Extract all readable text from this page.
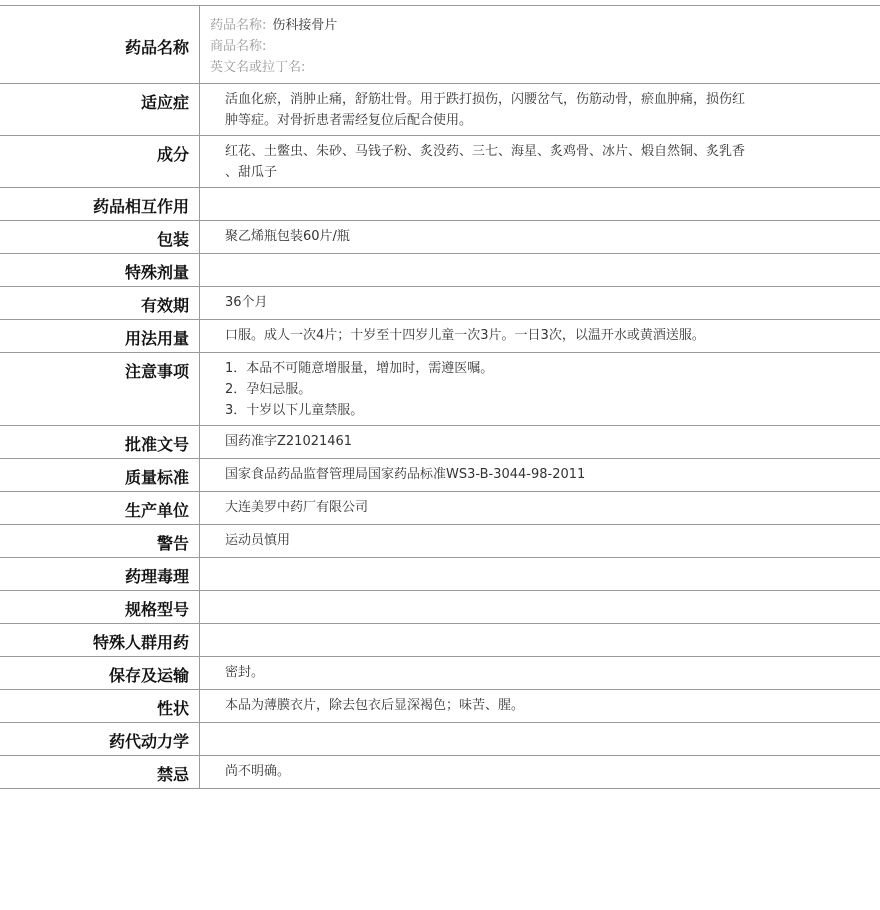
药品名称
药品名称: 伤科接骨片
商品名称:
英文名或拉丁名:
适应症	活血化瘀，消肿止痛，舒筋壮骨。用于跌打损伤，闪腰岔气，伤筋动骨，瘀血肿痛，损伤红
肿等症。对骨折患者需经复位后配合使用。
成分	红花、土鳖虫、朱砂、马钱子粉、炙没药、三七、海星、炙鸡骨、冰片、煅自然铜、炙乳香
、甜瓜子
药品相互作用
包装	聚乙烯瓶包装60片/瓶
特殊剂量
有效期	36个月
用法用量	口服。成人一次4片；十岁至十四岁儿童一次3片。一日3次，以温开水或黄酒送服。
注意事项	1．本品不可随意增服量，增加时，需遵医嘱。
2．孕妇忌服。
3．十岁以下儿童禁服。
批准文号	国药准字Z21021461
质量标准	国家食品药品监督管理局国家药品标准WS3-B-3044-98-2011
生产单位	大连美罗中药厂有限公司
警告	运动员慎用
药理毒理
规格型号
特殊人群用药
保存及运输	密封。
性状	本品为薄膜衣片，除去包衣后显深褐色；味苦、腥。
药代动力学
禁忌	尚不明确。
